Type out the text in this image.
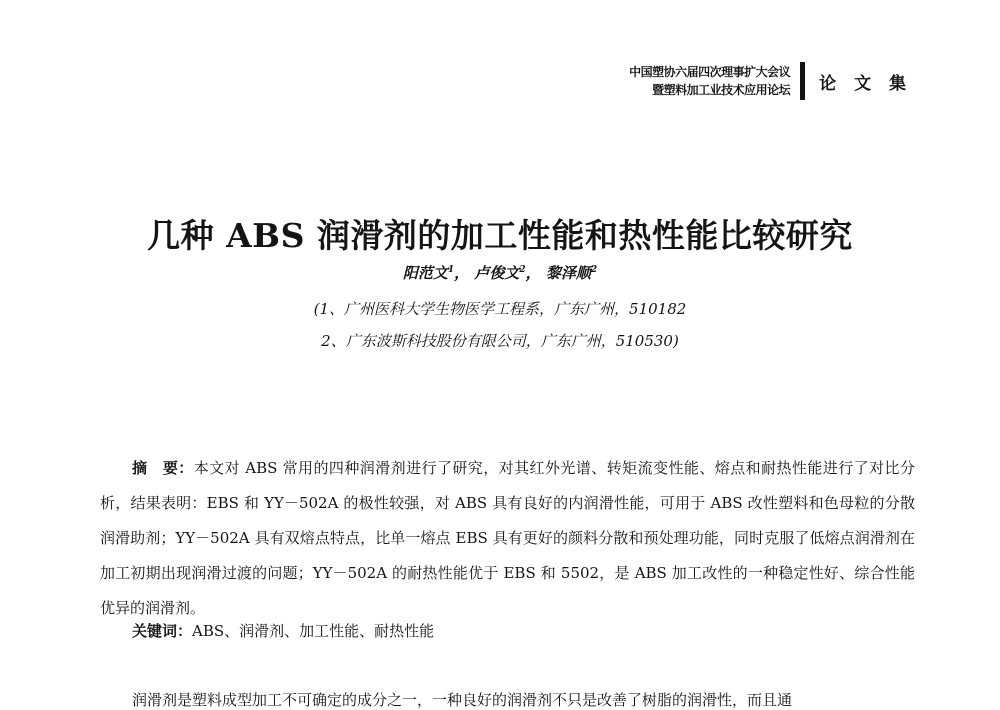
中国塑协六届四次理事扩大会议
暨塑料加工业技术应用论坛 论 文 集
几种 ABS 润滑剂的加工性能和热性能比较研究
阳范文$^1$， 卢俊文$^2$， 黎泽顺$^2$
(1、广州医科大学生物医学工程系，广东广州，510182
2、广东波斯科技股份有限公司，广东广州，510530)

摘　要：本文对 ABS 常用的四种润滑剂进行了研究，对其红外光谱、转矩流变性能、熔点和耐热性能进行了对比分析，结果表明：EBS 和 YY－502A 的极性较强，对 ABS 具有良好的内润滑性能，可用于 ABS 改性塑料和色母粒的分散润滑助剂；YY－502A 具有双熔点特点，比单一熔点 EBS 具有更好的颜料分散和预处理功能，同时克服了低熔点润滑剂在加工初期出现润滑过渡的问题；YY－502A 的耐热性能优于 EBS 和 5502，是 ABS 加工改性的一种稳定性好、综合性能优异的润滑剂。

关键词：ABS、润滑剂、加工性能、耐热性能
润滑剂是塑料成型加工不可确定的成分之一，一种良好的润滑剂不只是改善了树脂的润滑性，而且通
